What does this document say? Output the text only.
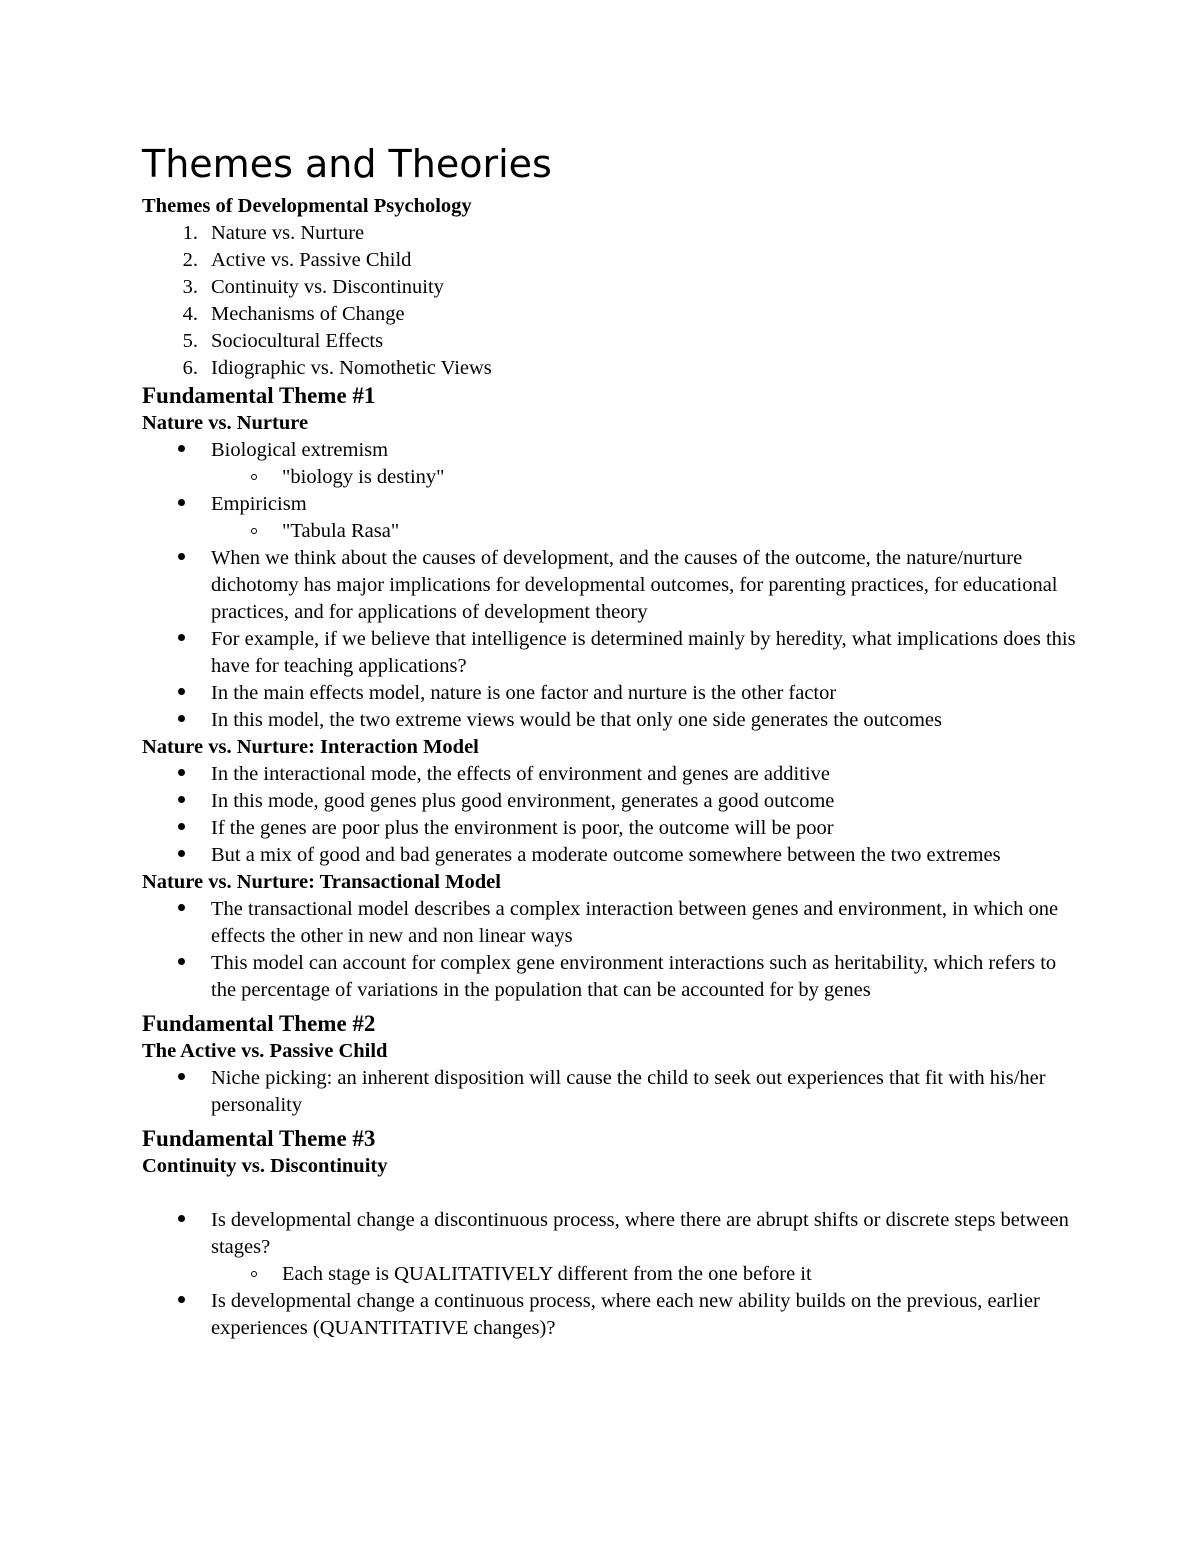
Themes and Theories
Themes of Developmental Psychology
1. Nature vs. Nurture
2. Active vs. Passive Child
3. Continuity vs. Discontinuity
4. Mechanisms of Change
5. Sociocultural Effects
6. Idiographic vs. Nomothetic Views
Fundamental Theme #1
Nature vs. Nurture
Biological extremism
"biology is destiny"
Empiricism
"Tabula Rasa"
When we think about the causes of development, and the causes of the outcome, the nature/nurture dichotomy has major implications for developmental outcomes, for parenting practices, for educational practices, and for applications of development theory
For example, if we believe that intelligence is determined mainly by heredity, what implications does this have for teaching applications?
In the main effects model, nature is one factor and nurture is the other factor
In this model, the two extreme views would be that only one side generates the outcomes
Nature vs. Nurture: Interaction Model
In the interactional mode, the effects of environment and genes are additive
In this mode, good genes plus good environment, generates a good outcome
If the genes are poor plus the environment is poor, the outcome will be poor
But a mix of good and bad generates a moderate outcome somewhere between the two extremes
Nature vs. Nurture: Transactional Model
The transactional model describes a complex interaction between genes and environment, in which one effects the other in new and non linear ways
This model can account for complex gene environment interactions such as heritability, which refers to the percentage of variations in the population that can be accounted for by genes
Fundamental Theme #2
The Active vs. Passive Child
Niche picking: an inherent disposition will cause the child to seek out experiences that fit with his/her personality
Fundamental Theme #3
Continuity vs. Discontinuity
Is developmental change a discontinuous process, where there are abrupt shifts or discrete steps between stages?
Each stage is QUALITATIVELY different from the one before it
Is developmental change a continuous process, where each new ability builds on the previous, earlier experiences (QUANTITATIVE changes)?
